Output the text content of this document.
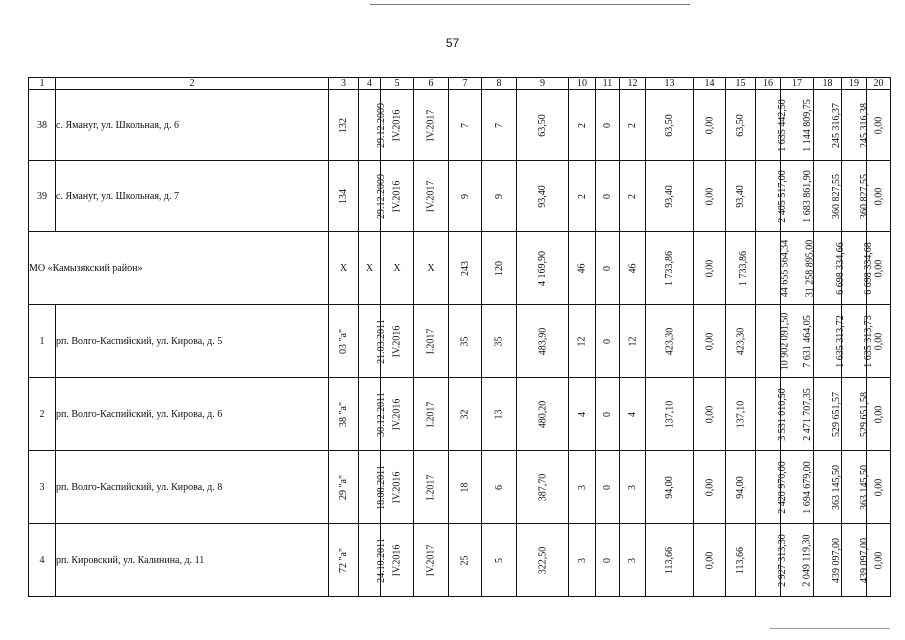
57
1	2	3	4	5	6	7	8	9	10	11	12	13	14	15	16	17	18	19	20
38	с. Ямануг, ул. Школьная, д. 6	132	29.12.2009	IV.2016	IV.2017	7	7	63,50	2	0	2	63,50	0,00	63,50	1 635 442,50	1 144 809,75	245 316,37	245 316,38	0,00
39	с. Ямануг, ул. Школьная, д. 7	134	29.12.2009	IV.2016	IV.2017	9	9	93,40	2	0	2	93,40	0,00	93,40	2 405 517,00	1 683 861,90	360 827,55	360 827,55	0,00
МО «Камызякский район»		X	X	X	X	243	120	4 169,90	46	0	46	1 733,86	0,00	1 733,86	44 655 564,34	31 258 895,00	6 698 334,66	6 698 334,68	0,00
1	рп. Волго-Каспийский, ул. Кирова, д. 5	03 "а"	21.03.2011	IV.2016	I.2017	35	35	483,90	12	0	12	423,30	0,00	423,30	10 902 091,50	7 631 464,05	1 635 313,72	1 635 313,73	0,00
2	рп. Волго-Каспийский, ул. Кирова, д. 6	38 "а"	30.12.2011	IV.2016	I.2017	32	13	480,20	4	0	4	137,10	0,00	137,10	3 531 010,50	2 471 707,35	529 651,57	529 651,58	0,00
3	рп. Волго-Каспийский, ул. Кирова, д. 8	29 "а"	18.08.2011	IV.2016	I.2017	18	6	387,70	3	0	3	94,00	0,00	94,00	2 420 970,00	1 694 679,00	363 145,50	363 145,50	0,00
4	рп. Кировский, ул. Калинина, д. 11	72 "а"	24.10.2011	IV.2016	IV.2017	25	5	322,50	3	0	3	113,66	0,00	113,66	2 927 313,30	2 049 119,30	439 097,00	439 097,00	0,00
